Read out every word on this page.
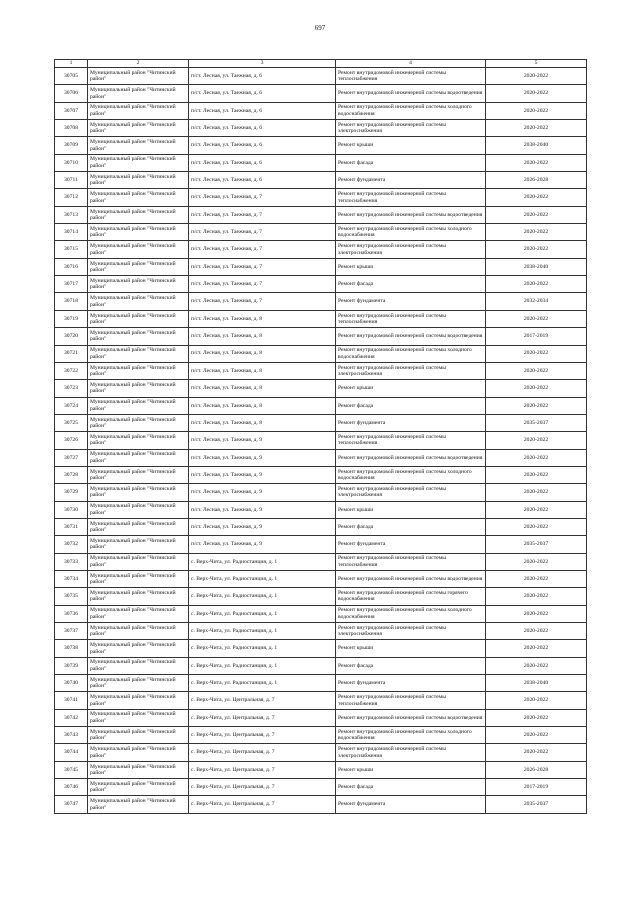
697
1	2	3	4	5
30705	Муниципальный район "Читинский район"	п/ст. Лесная, ул. Таежная, д. 6	Ремонт внутридомовой инженерной системы теплоснабжения	2020-2022
30706	Муниципальный район "Читинский район"	п/ст. Лесная, ул. Таежная, д. 6	Ремонт внутридомовой инженерной системы водоотведения	2020-2022
30707	Муниципальный район "Читинский район"	п/ст. Лесная, ул. Таежная, д. 6	Ремонт внутридомовой инженерной системы холодного водоснабжения	2020-2022
30708	Муниципальный район "Читинский район"	п/ст. Лесная, ул. Таежная, д. 6	Ремонт внутридомовой инженерной системы электроснабжения	2020-2022
30709	Муниципальный район "Читинский район"	п/ст. Лесная, ул. Таежная, д. 6	Ремонт крыши	2038-2040
30710	Муниципальный район "Читинский район"	п/ст. Лесная, ул. Таежная, д. 6	Ремонт фасада	2020-2022
30711	Муниципальный район "Читинский район"	п/ст. Лесная, ул. Таежная, д. 6	Ремонт фундамента	2026-2028
30712	Муниципальный район "Читинский район"	п/ст. Лесная, ул. Таежная, д. 7	Ремонт внутридомовой инженерной системы теплоснабжения	2020-2022
30713	Муниципальный район "Читинский район"	п/ст. Лесная, ул. Таежная, д. 7	Ремонт внутридомовой инженерной системы водоотведения	2020-2022
30714	Муниципальный район "Читинский район"	п/ст. Лесная, ул. Таежная, д. 7	Ремонт внутридомовой инженерной системы холодного водоснабжения	2020-2022
30715	Муниципальный район "Читинский район"	п/ст. Лесная, ул. Таежная, д. 7	Ремонт внутридомовой инженерной системы электроснабжения	2020-2022
30716	Муниципальный район "Читинский район"	п/ст. Лесная, ул. Таежная, д. 7	Ремонт крыши	2038-2040
30717	Муниципальный район "Читинский район"	п/ст. Лесная, ул. Таежная, д. 7	Ремонт фасада	2020-2022
30718	Муниципальный район "Читинский район"	п/ст. Лесная, ул. Таежная, д. 7	Ремонт фундамента	2032-2034
30719	Муниципальный район "Читинский район"	п/ст. Лесная, ул. Таежная, д. 8	Ремонт внутридомовой инженерной системы теплоснабжения	2020-2022
30720	Муниципальный район "Читинский район"	п/ст. Лесная, ул. Таежная, д. 8	Ремонт внутридомовой инженерной системы водоотведения	2017-2019
30721	Муниципальный район "Читинский район"	п/ст. Лесная, ул. Таежная, д. 8	Ремонт внутридомовой инженерной системы холодного водоснабжения	2020-2022
30722	Муниципальный район "Читинский район"	п/ст. Лесная, ул. Таежная, д. 8	Ремонт внутридомовой инженерной системы электроснабжения	2020-2022
30723	Муниципальный район "Читинский район"	п/ст. Лесная, ул. Таежная, д. 8	Ремонт крыши	2020-2022
30724	Муниципальный район "Читинский район"	п/ст. Лесная, ул. Таежная, д. 8	Ремонт фасада	2020-2022
30725	Муниципальный район "Читинский район"	п/ст. Лесная, ул. Таежная, д. 8	Ремонт фундамента	2035-2037
30726	Муниципальный район "Читинский район"	п/ст. Лесная, ул. Таежная, д. 9	Ремонт внутридомовой инженерной системы теплоснабжения	2020-2022
30727	Муниципальный район "Читинский район"	п/ст. Лесная, ул. Таежная, д. 9	Ремонт внутридомовой инженерной системы водоотведения	2020-2022
30728	Муниципальный район "Читинский район"	п/ст. Лесная, ул. Таежная, д. 9	Ремонт внутридомовой инженерной системы холодного водоснабжения	2020-2022
30729	Муниципальный район "Читинский район"	п/ст. Лесная, ул. Таежная, д. 9	Ремонт внутридомовой инженерной системы электроснабжения	2020-2022
30730	Муниципальный район "Читинский район"	п/ст. Лесная, ул. Таежная, д. 9	Ремонт крыши	2020-2022
30731	Муниципальный район "Читинский район"	п/ст. Лесная, ул. Таежная, д. 9	Ремонт фасада	2020-2022
30732	Муниципальный район "Читинский район"	п/ст. Лесная, ул. Таежная, д. 9	Ремонт фундамента	2035-2037
30733	Муниципальный район "Читинский район"	с. Верх-Чита, ул. Радиостанция, д. 1	Ремонт внутридомовой инженерной системы теплоснабжения	2020-2022
30734	Муниципальный район "Читинский район"	с. Верх-Чита, ул. Радиостанция, д. 1	Ремонт внутридомовой инженерной системы водоотведения	2020-2022
30735	Муниципальный район "Читинский район"	с. Верх-Чита, ул. Радиостанция, д. 1	Ремонт внутридомовой инженерной системы горячего водоснабжения	2020-2022
30736	Муниципальный район "Читинский район"	с. Верх-Чита, ул. Радиостанция, д. 1	Ремонт внутридомовой инженерной системы холодного водоснабжения	2020-2022
30737	Муниципальный район "Читинский район"	с. Верх-Чита, ул. Радиостанция, д. 1	Ремонт внутридомовой инженерной системы электроснабжения	2020-2022
30738	Муниципальный район "Читинский район"	с. Верх-Чита, ул. Радиостанция, д. 1	Ремонт крыши	2020-2022
30739	Муниципальный район "Читинский район"	с. Верх-Чита, ул. Радиостанция, д. 1	Ремонт фасада	2020-2022
30740	Муниципальный район "Читинский район"	с. Верх-Чита, ул. Радиостанция, д. 1	Ремонт фундамента	2038-2040
30741	Муниципальный район "Читинский район"	с. Верх-Чита, ул. Центральная, д. 7	Ремонт внутридомовой инженерной системы теплоснабжения	2020-2022
30742	Муниципальный район "Читинский район"	с. Верх-Чита, ул. Центральная, д. 7	Ремонт внутридомовой инженерной системы водоотведения	2020-2022
30743	Муниципальный район "Читинский район"	с. Верх-Чита, ул. Центральная, д. 7	Ремонт внутридомовой инженерной системы холодного водоснабжения	2020-2022
30744	Муниципальный район "Читинский район"	с. Верх-Чита, ул. Центральная, д. 7	Ремонт внутридомовой инженерной системы электроснабжения	2020-2022
30745	Муниципальный район "Читинский район"	с. Верх-Чита, ул. Центральная, д. 7	Ремонт крыши	2026-2028
30746	Муниципальный район "Читинский район"	с. Верх-Чита, ул. Центральная, д. 7	Ремонт фасада	2017-2019
30747	Муниципальный район "Читинский район"	с. Верх-Чита, ул. Центральная, д. 7	Ремонт фундамента	2035-2037
